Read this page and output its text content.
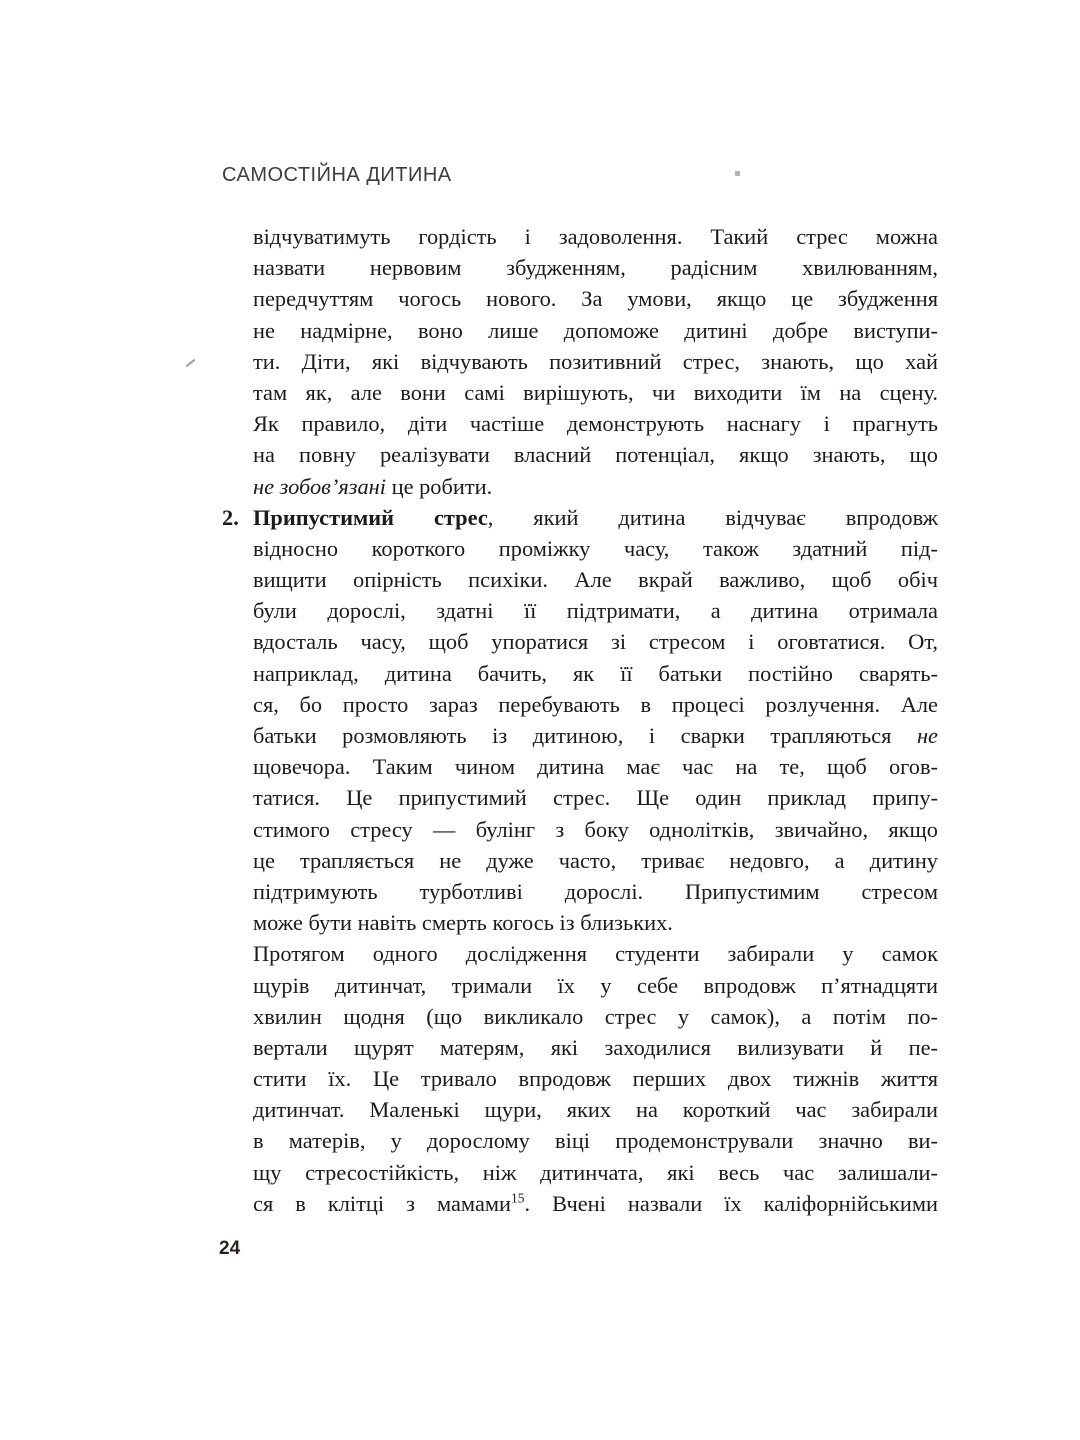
САМОСТІЙНА ДИТИНА
відчуватимуть гордість і задоволення. Такий стрес можна
назвати нервовим збудженням, радісним хвилюванням,
передчуттям чогось нового. За умови, якщо це збудження
не надмірне, воно лише допоможе дитині добре виступи-
ти. Діти, які відчувають позитивний стрес, знають, що хай
там як, але вони самі вирішують, чи виходити їм на сцену.
Як правило, діти частіше демонструють наснагу і прагнуть
на повну реалізувати власний потенціал, якщо знають, що
не зобов’язані це робити.
2. Припустимий стрес, який дитина відчуває впродовж
відносно короткого проміжку часу, також здатний під-
вищити опірність психіки. Але вкрай важливо, щоб обіч
були дорослі, здатні її підтримати, а дитина отримала
вдосталь часу, щоб упоратися зі стресом і оговтатися. От,
наприклад, дитина бачить, як її батьки постійно сварять-
ся, бо просто зараз перебувають в процесі розлучення. Але
батьки розмовляють із дитиною, і сварки трапляються не
щовечора. Таким чином дитина має час на те, щоб огов-
татися. Це припустимий стрес. Ще один приклад припу-
стимого стресу — булінг з боку однолітків, звичайно, якщо
це трапляється не дуже часто, триває недовго, а дитину
підтримують турботливі дорослі. Припустимим стресом
може бути навіть смерть когось із близьких.
Протягом одного дослідження студенти забирали у самок
щурів дитинчат, тримали їх у себе впродовж п’ятнадцяти
хвилин щодня (що викликало стрес у самок), а потім по-
вертали щурят матерям, які заходилися вилизувати й пе-
стити їх. Це тривало впродовж перших двох тижнів життя
дитинчат. Маленькі щури, яких на короткий час забирали
в матерів, у дорослому віці продемонстрували значно ви-
щу стресостійкість, ніж дитинчата, які весь час залишали-
ся в клітці з мамами$^{15}$. Вчені назвали їх каліфорнійськими
24
